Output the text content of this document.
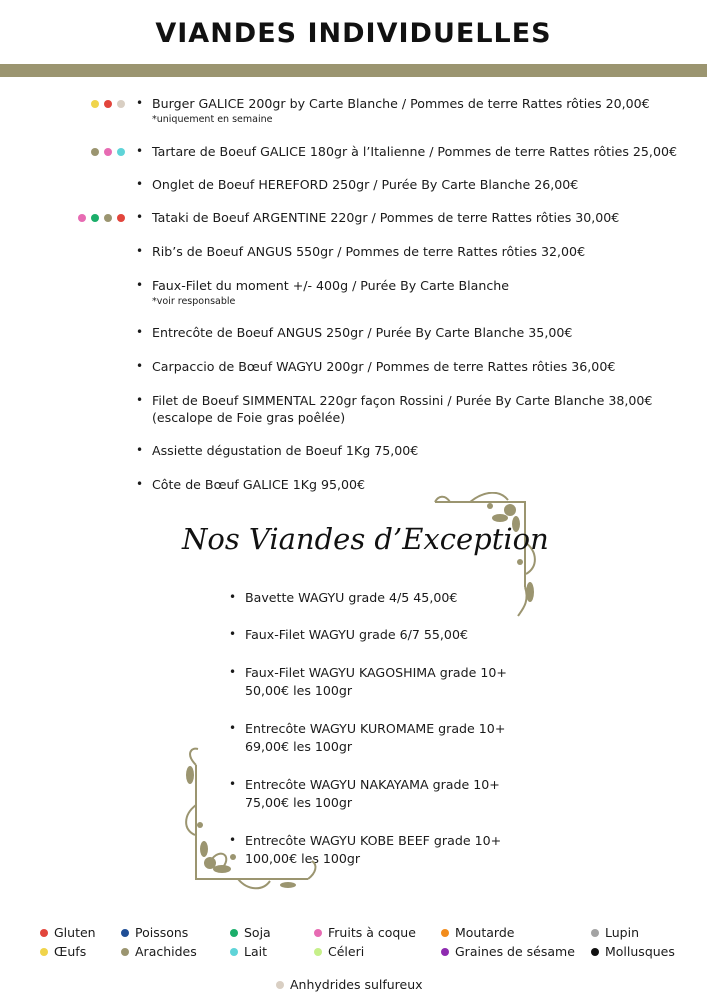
VIANDES INDIVIDUELLES
• Burger GALICE 200gr by Carte Blanche / Pommes de terre Rattes rôties 20,00€
*uniquement en semaine
• Tartare de Boeuf GALICE 180gr à l’Italienne / Pommes de terre Rattes rôties 25,00€
• Onglet de Boeuf HEREFORD 250gr / Purée By Carte Blanche 26,00€
• Tataki de Boeuf ARGENTINE 220gr / Pommes de terre Rattes rôties 30,00€
• Rib’s de Boeuf ANGUS 550gr / Pommes de terre Rattes rôties 32,00€
• Faux-Filet du moment +/- 400g / Purée By Carte Blanche
*voir responsable
• Entrecôte de Boeuf ANGUS 250gr / Purée By Carte Blanche 35,00€
• Carpaccio de Bœuf WAGYU 200gr / Pommes de terre Rattes rôties 36,00€
• Filet de Boeuf SIMMENTAL 220gr façon Rossini / Purée By Carte Blanche 38,00€
(escalope de Foie gras poêlée)
• Assiette dégustation de Boeuf 1Kg 75,00€
• Côte de Bœuf GALICE 1Kg 95,00€
Nos Viandes d’Exception
• Bavette WAGYU grade 4/5 45,00€
• Faux-Filet WAGYU grade 6/7 55,00€
• Faux-Filet WAGYU KAGOSHIMA grade 10+
50,00€ les 100gr
• Entrecôte WAGYU KUROMAME grade 10+
69,00€ les 100gr
• Entrecôte WAGYU NAKAYAMA grade 10+
75,00€ les 100gr
• Entrecôte WAGYU KOBE BEEF grade 10+
100,00€ les 100gr
Gluten	Poissons	Soja	Fruits à coque	Moutarde	Lupin
Œufs	Arachides	Lait	Céleri	Graines de sésame Mollusques
Anhydrides sulfureux
